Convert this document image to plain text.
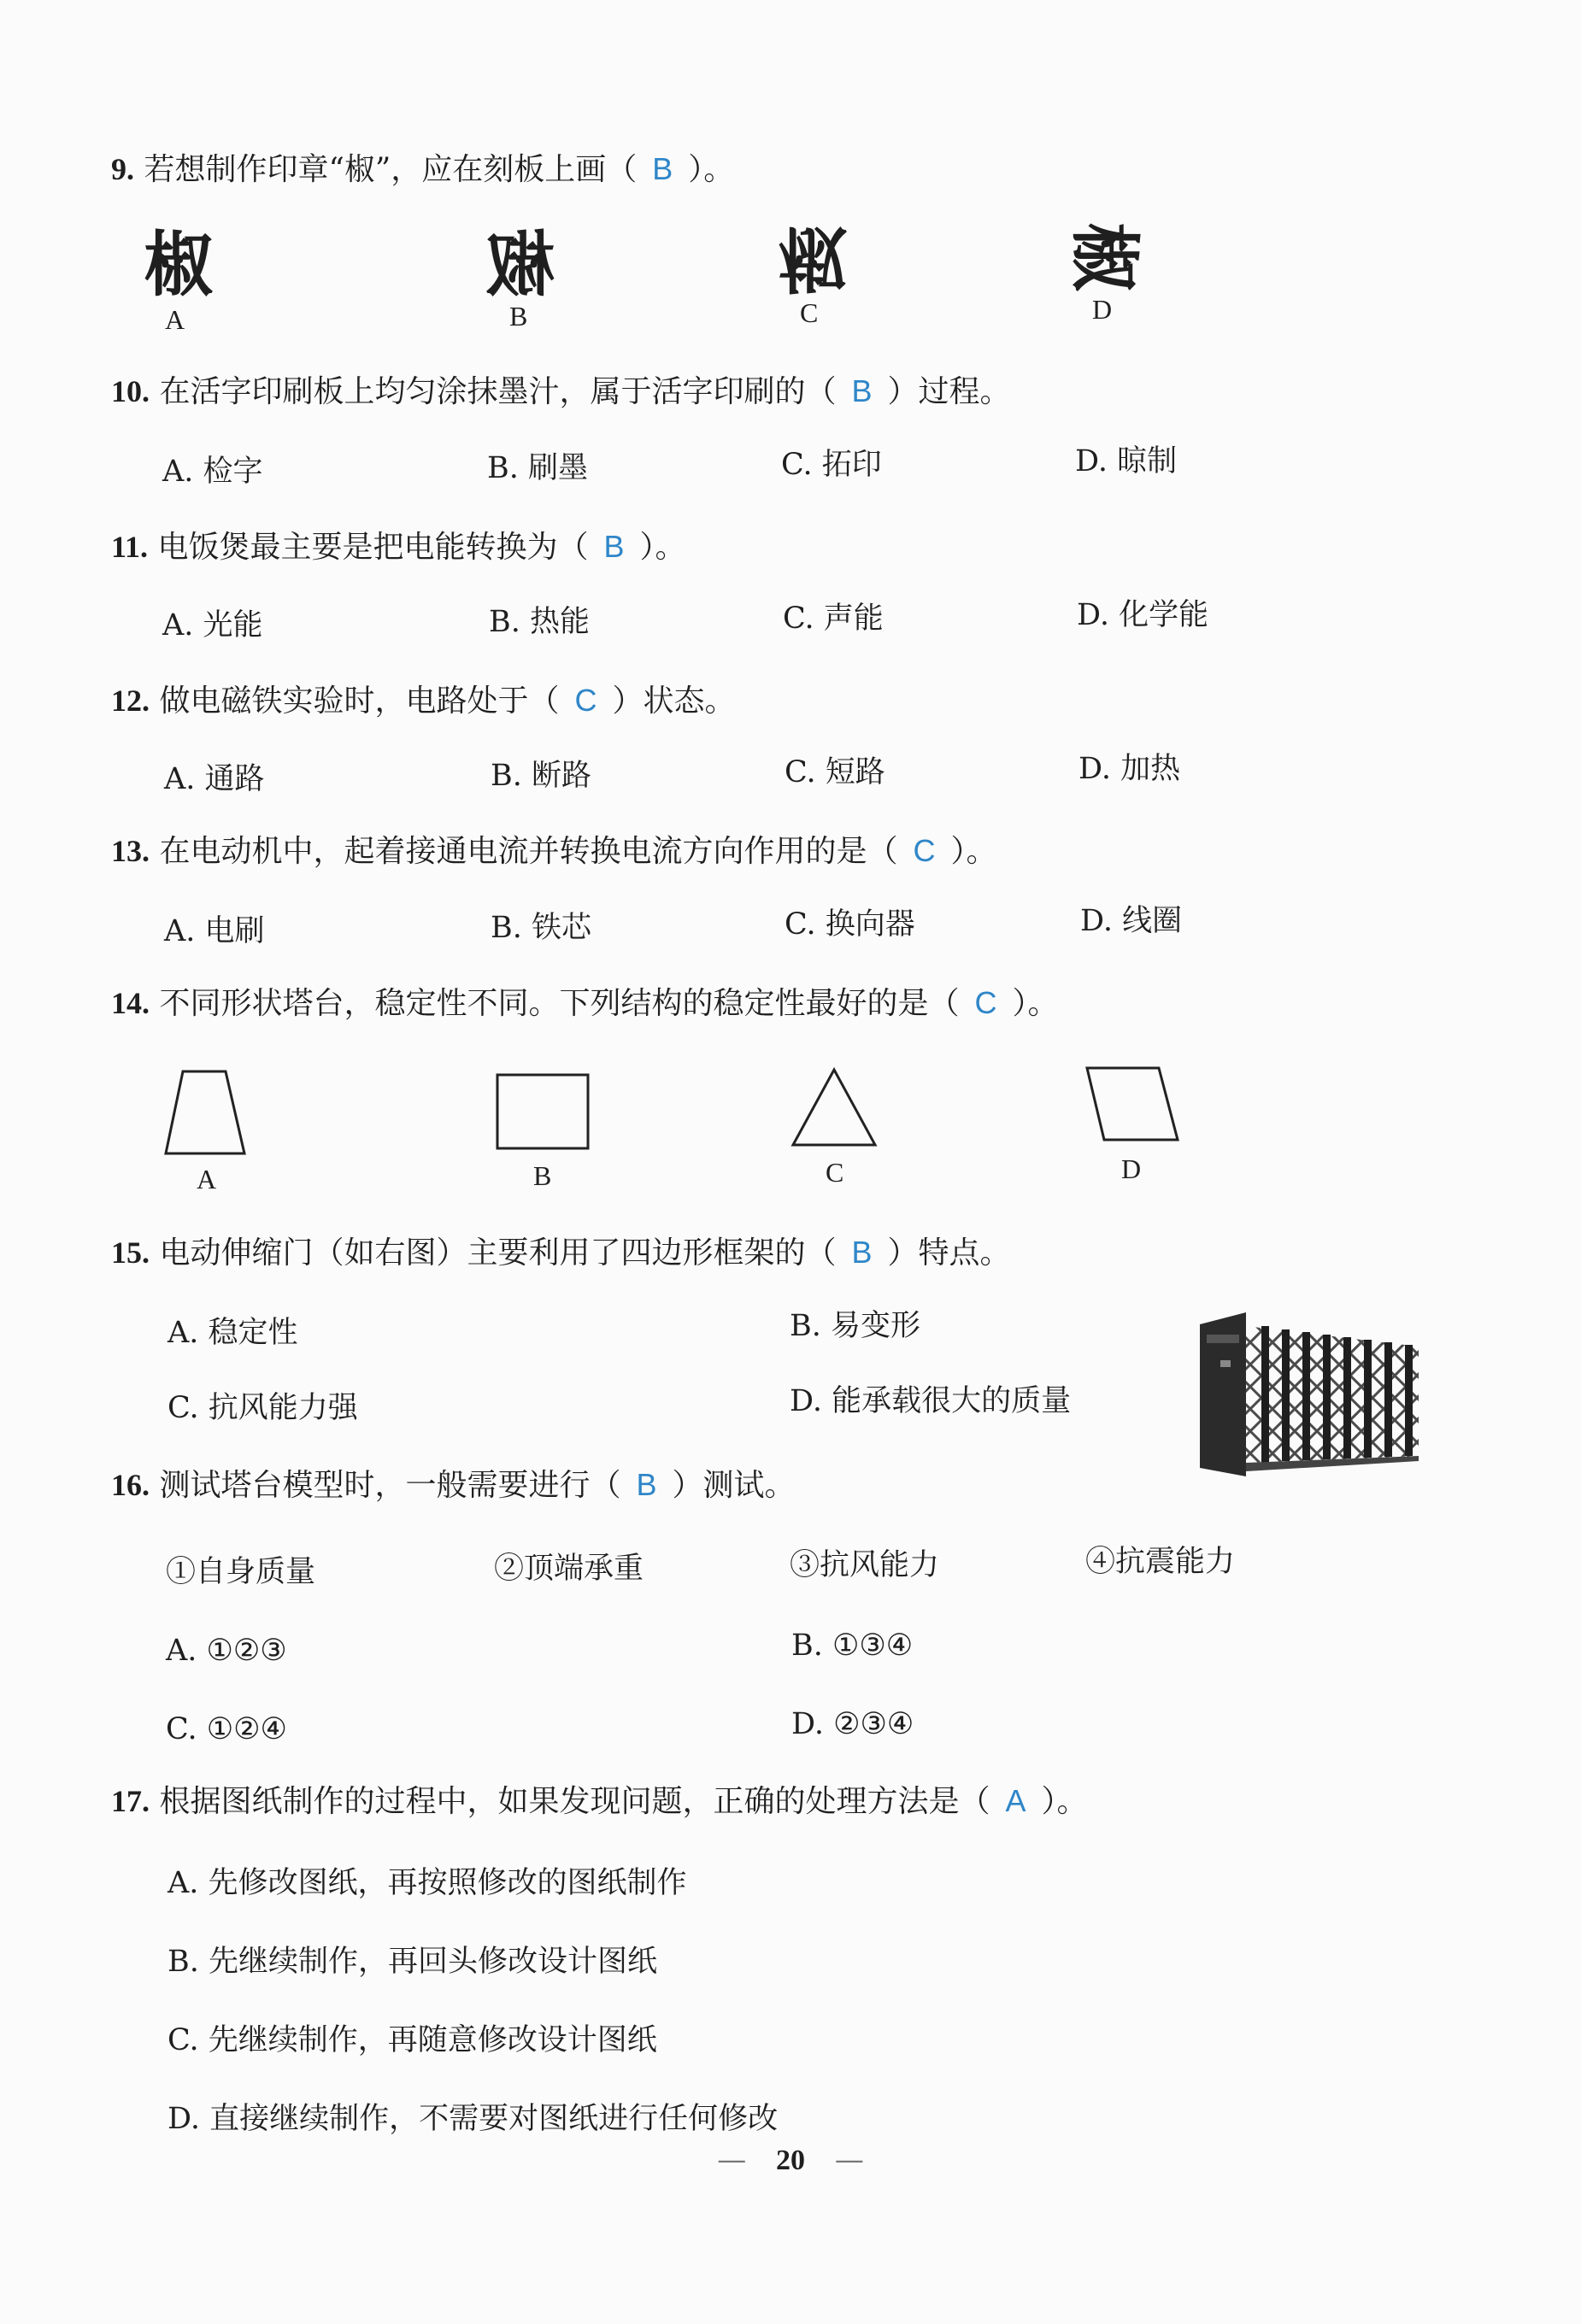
9. 若想制作印章“椒”，应在刻板上画（ B ）。
椒	椒	椒	椒
A	B	C	D
10. 在活字印刷板上均匀涂抹墨汁，属于活字印刷的（ B ）过程。
A. 检字	B. 刷墨	C. 拓印	D. 晾制
11. 电饭煲最主要是把电能转换为（ B ）。
A. 光能	B. 热能	C. 声能	D. 化学能
12. 做电磁铁实验时，电路处于（ C ）状态。
A. 通路	B. 断路	C. 短路	D. 加热
13. 在电动机中，起着接通电流并转换电流方向作用的是（ C ）。
A. 电刷	B. 铁芯	C. 换向器	D. 线圈
14. 不同形状塔台，稳定性不同。下列结构的稳定性最好的是（ C ）。
A	B	C	D
15. 电动伸缩门（如右图）主要利用了四边形框架的（ B ）特点。
A. 稳定性	B. 易变形
C. 抗风能力强	D. 能承载很大的质量
16. 测试塔台模型时，一般需要进行（ B ）测试。
①自身质量	②顶端承重	③抗风能力	④抗震能力
A. ①②③	B. ①③④
C. ①②④	D. ②③④
17. 根据图纸制作的过程中，如果发现问题，正确的处理方法是（ A ）。
A. 先修改图纸，再按照修改的图纸制作
B. 先继续制作，再回头修改设计图纸
C. 先继续制作，再随意修改设计图纸
D. 直接继续制作，不需要对图纸进行任何修改
— 20 —
